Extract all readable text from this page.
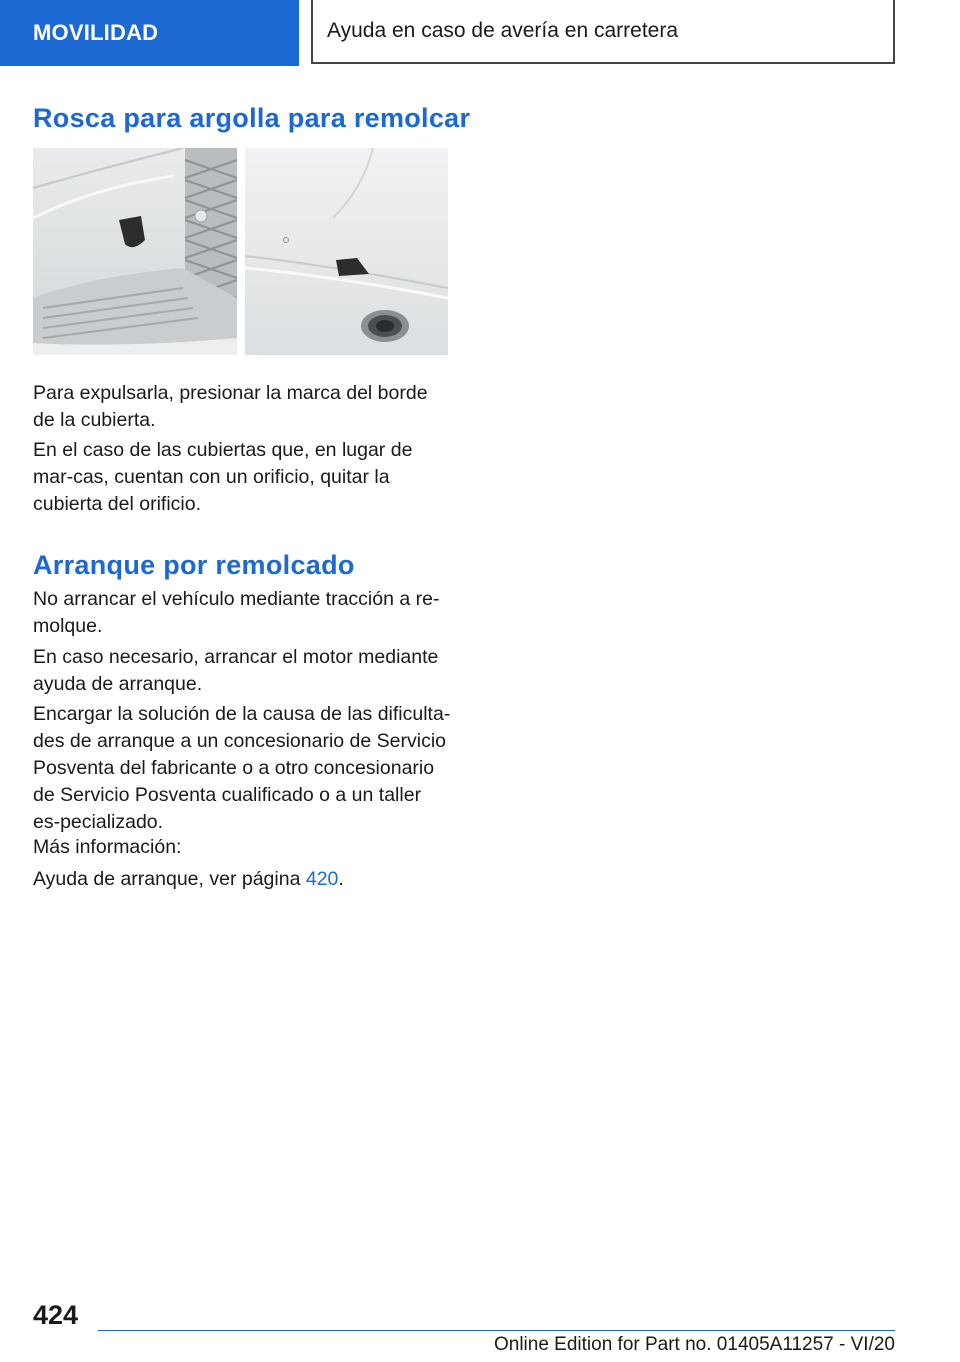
MOVILIDAD	Ayuda en caso de avería en carretera
Rosca para argolla para remolcar

Para expulsarla, presionar la marca del borde de la cubierta.

En el caso de las cubiertas que, en lugar de mar-cas, cuentan con un orificio, quitar la cubierta del orificio.

Arranque por remolcado

No arrancar el vehículo mediante tracción a re-molque.

En caso necesario, arrancar el motor mediante ayuda de arranque.

Encargar la solución de la causa de las dificulta-des de arranque a un concesionario de Servicio Posventa del fabricante o a otro concesionario de Servicio Posventa cualificado o a un taller es-pecializado.

Más información:

Ayuda de arranque, ver página 420.

424
Online Edition for Part no. 01405A11257 - VI/20
